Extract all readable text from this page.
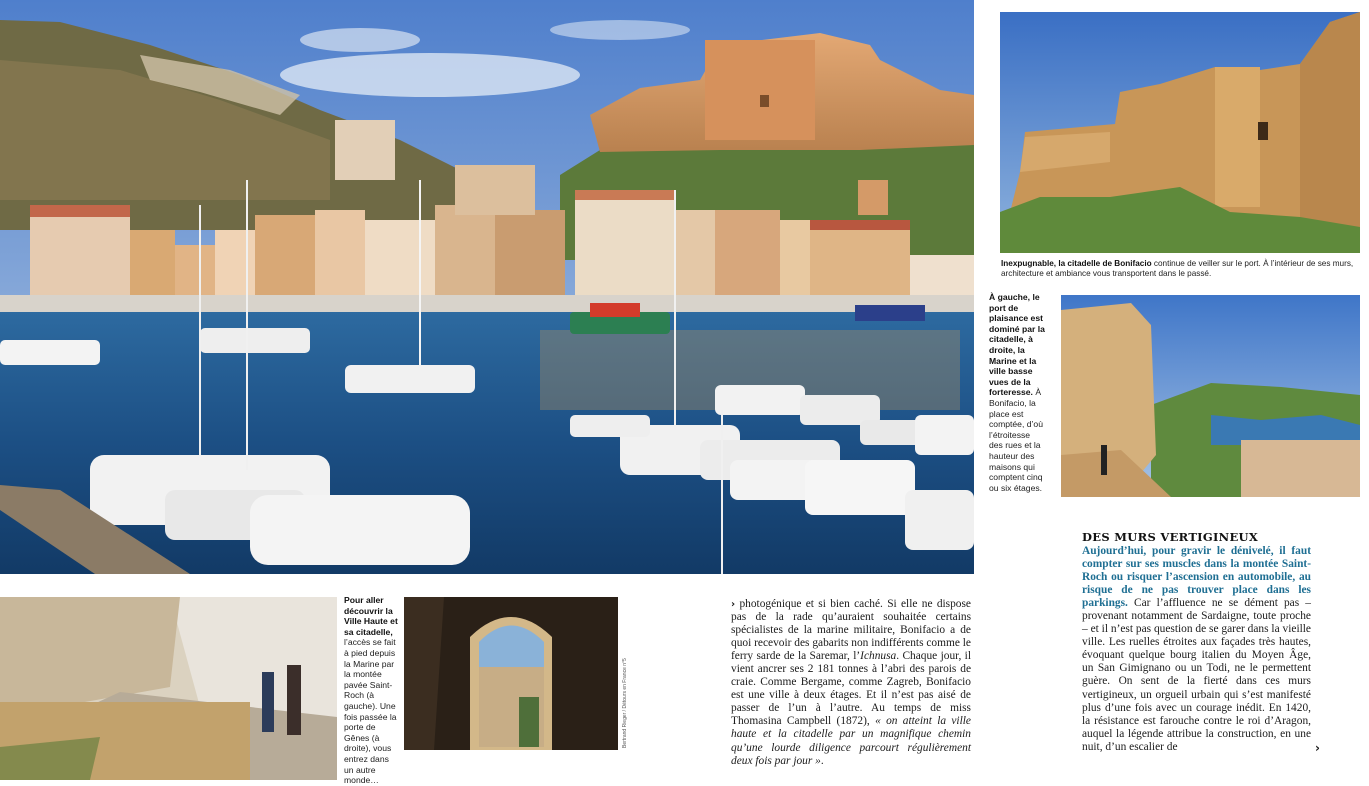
Bertrand Rieger / Détours en France n°5
Inexpugnable, la citadelle de Bonifacio continue de veiller sur le port. À l’intérieur de ses murs, architecture et ambiance vous transportent dans le passé.
À gauche, le port de plaisance est dominé par la citadelle, à droite, la Marine et la ville basse vues de la forteresse. À Bonifacio, la place est comptée, d’où l’étroitesse des rues et la hauteur des maisons qui comptent cinq ou six étages.
Pour aller découvrir la Ville Haute et sa citadelle, l’accès se fait à pied depuis la Marine par la montée pavée Saint-Roch (à gauche). Une fois passée la porte de Gênes (à droite), vous entrez dans un autre monde…

› photogénique et si bien caché. Si elle ne dispose pas de la rade qu’auraient souhaitée certains spécialistes de la marine militaire, Bonifacio a de quoi recevoir des gabarits non indifférents comme le ferry sarde de la Saremar, l’Ichnusa. Chaque jour, il vient ancrer ses 2 181 tonnes à l’abri des parois de craie. Comme Bergame, comme Zagreb, Bonifacio est une ville à deux étages. Et il n’est pas aisé de passer de l’un à l’autre. Au temps de miss Thomasina Campbell (1872), « on atteint la ville haute et la citadelle par un magnifique chemin qu’une lourde diligence parcourt régulièrement deux fois par jour ».

DES MURS VERTIGINEUX

Aujourd’hui, pour gravir le dénivelé, il faut compter sur ses muscles dans la montée Saint-Roch ou risquer l’ascension en automobile, au risque de ne pas trouver place dans les parkings. Car l’affluence ne se dément pas – provenant notamment de Sardaigne, toute proche – et il n’est pas question de se garer dans la vieille ville. Les ruelles étroites aux façades très hautes, évoquant quelque bourg italien du Moyen Âge, un San Gimignano ou un Todi, ne le permettent guère. On sent de la fierté dans ces murs vertigineux, un orgueil urbain qui s’est manifesté plus d’une fois avec un courage inédit. En 1420, la résistance est farouche contre le roi d’Aragon, auquel la légende attribue la construction, en une nuit, d’un escalier de	›
